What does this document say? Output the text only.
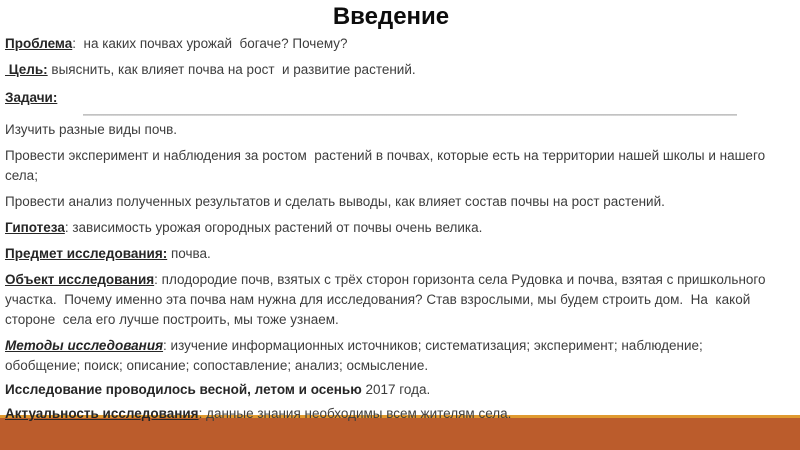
Введение

Проблема:  на каких почвах урожай  богаче? Почему?

Цель: выяснить, как влияет почва на рост  и развитие растений.

Задачи:

Изучить разные виды почв.

Провести эксперимент и наблюдения за ростом  растений в почвах, которые есть на территории нашей школы и нашего села;

Провести анализ полученных результатов и сделать выводы, как влияет состав почвы на рост растений.

Гипотеза: зависимость урожая огородных растений от почвы очень велика.

Предмет исследования: почва.

Объект исследования: плодородие почв, взятых с трёх сторон горизонта села Рудовка и почва, взятая с пришкольного участка.  Почему именно эта почва нам нужна для исследования? Став взрослыми, мы будем строить дом.  На  какой стороне  села его лучше построить, мы тоже узнаем.

Методы исследования: изучение информационных источников; систематизация; эксперимент; наблюдение; обобщение; поиск; описание; сопоставление; анализ; осмысление.

Исследование проводилось весной, летом и осенью 2017 года.

Актуальность исследования: данные знания необходимы всем жителям села.
